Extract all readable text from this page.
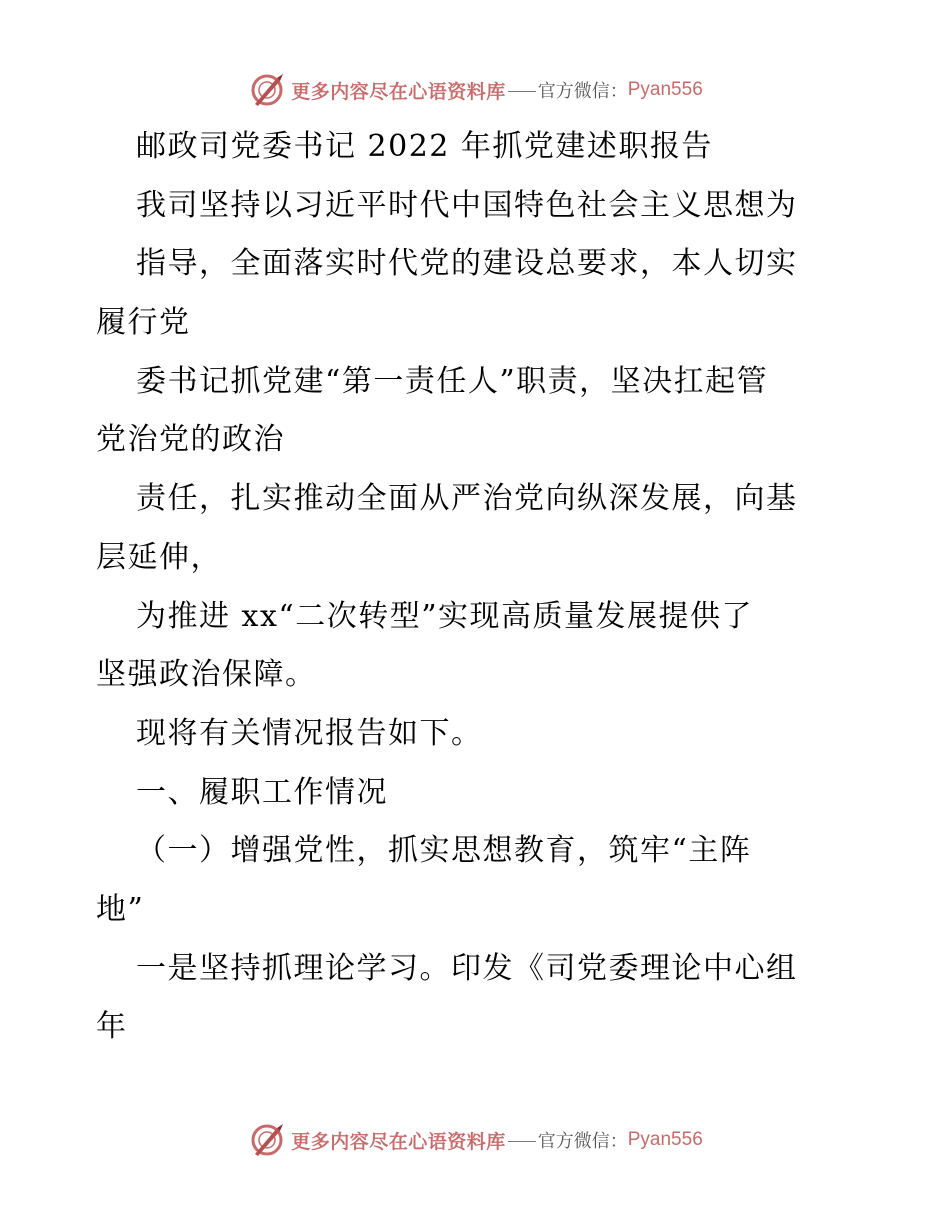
更多内容尽在心语资料库 官方微信： Pyan556

邮政司党委书记 2022 年抓党建述职报告

我司坚持以习近平时代中国特色社会主义思想为

指导，全面落实时代党的建设总要求，本人切实

履行党

委书记抓党建“第一责任人”职责，坚决扛起管

党治党的政治

责任，扎实推动全面从严治党向纵深发展，向基

层延伸，

为推进 xx“二次转型”实现高质量发展提供了

坚强政治保障。

现将有关情况报告如下。

一、履职工作情况

（一）增强党性，抓实思想教育，筑牢“主阵

地”

一是坚持抓理论学习。印发《司党委理论中心组

年

更多内容尽在心语资料库 官方微信： Pyan556
